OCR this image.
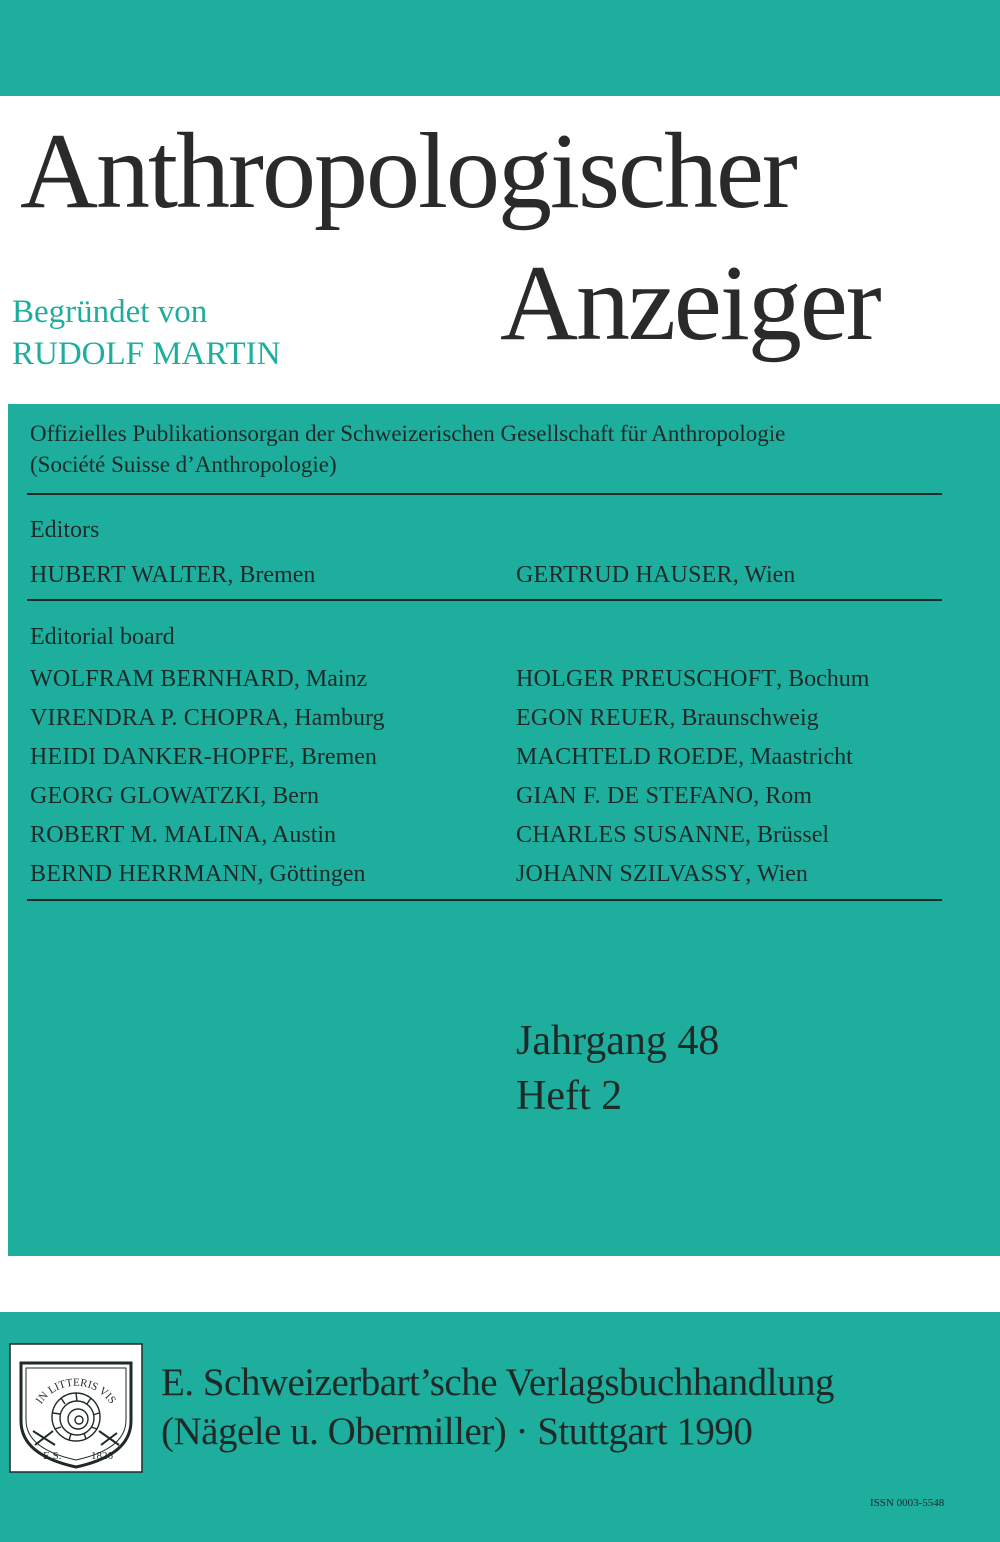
Anthropologischer
Anzeiger
Begründet von
RUDOLF MARTIN
Offizielles Publikationsorgan der Schweizerischen Gesellschaft für Anthropologie
(Société Suisse d’Anthropologie)
Editors
HUBERT WALTER, Bremen	GERTRUD HAUSER, Wien
Editorial board
WOLFRAM BERNHARD, Mainz
VIRENDRA P. CHOPRA, Hamburg
HEIDI DANKER-HOPFE, Bremen
GEORG GLOWATZKI, Bern
ROBERT M. MALINA, Austin
BERND HERRMANN, Göttingen
HOLGER PREUSCHOFT, Bochum
EGON REUER, Braunschweig
MACHTELD ROEDE, Maastricht
GIAN F. DE STEFANO, Rom
CHARLES SUSANNE, Brüssel
JOHANN SZILVASSY, Wien
Jahrgang 48
Heft 2
IN LITTERIS VIS
E.S.	1826
E. Schweizerbart’sche Verlagsbuchhandlung
(Nägele u. Obermiller) · Stuttgart 1990
ISSN 0003-5548
